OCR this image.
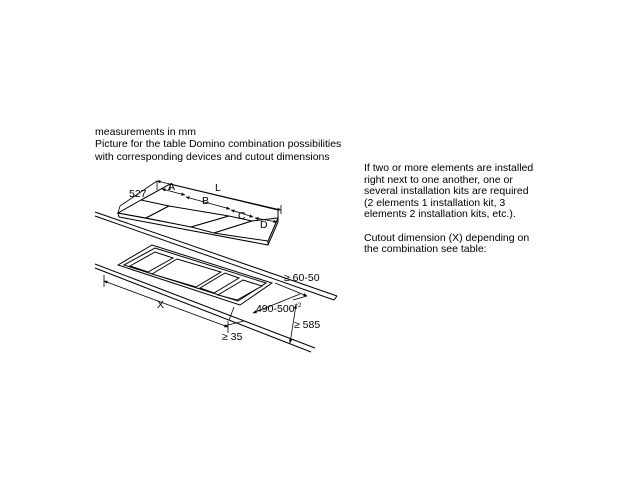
measurements in mm
Picture for the table Domino combination possibilities
with corresponding devices and cutout dimensions

If two or more elements are installed
right next to one another, one or
several installation kits are required
(2 elements 1 installation kit, 3
elements 2 installation kits, etc.).

Cutout dimension (X) depending on
the combination see table:

527	L
A
B
C
D
X
≥ 35
≥ 60-50
$490-500^{+2}$
≥ 585
